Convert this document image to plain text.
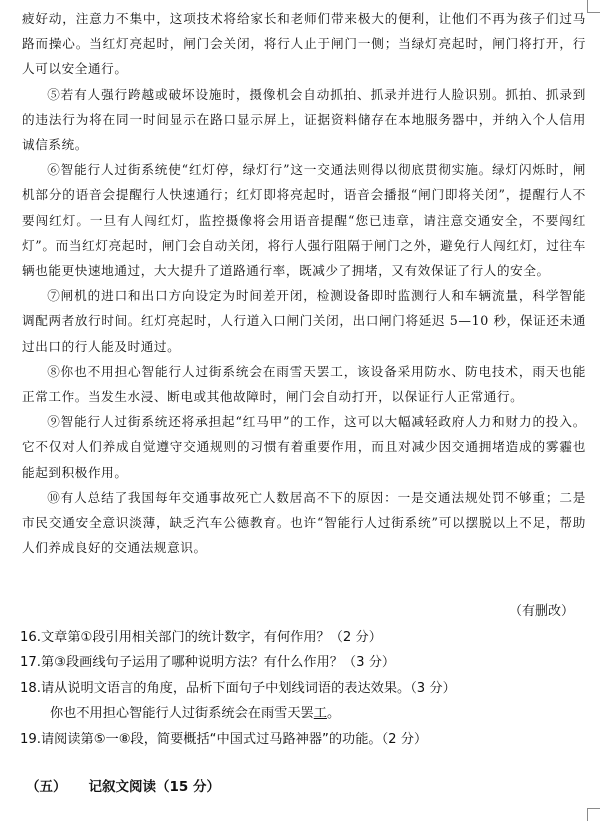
疲好动，注意力不集中，这项技术将给家长和老师们带来极大的便利，让他们不再为孩子们过马路而操心。当红灯亮起时，闸门会关闭，将行人止于闸门一侧；当绿灯亮起时，闸门将打开，行人可以安全通行。

⑤若有人强行跨越或破坏设施时，摄像机会自动抓拍、抓录并进行人脸识别。抓拍、抓录到的违法行为将在同一时间显示在路口显示屏上，证据资料储存在本地服务器中，并纳入个人信用诚信系统。

⑥智能行人过街系统使“红灯停，绿灯行”这一交通法则得以彻底贯彻实施。绿灯闪烁时，闸机部分的语音会提醒行人快速通行；红灯即将亮起时，语音会播报“闸门即将关闭”，提醒行人不要闯红灯。一旦有人闯红灯，监控摄像将会用语音提醒“您已违章，请注意交通安全，不要闯红灯”。而当红灯亮起时，闸门会自动关闭，将行人强行阻隔于闸门之外，避免行人闯红灯，过往车辆也能更快速地通过，大大提升了道路通行率，既减少了拥堵，又有效保证了行人的安全。

⑦闸机的进口和出口方向设定为时间差开闭，检测设备即时监测行人和车辆流量，科学智能调配两者放行时间。红灯亮起时，人行道入口闸门关闭，出口闸门将延迟 5—10 秒，保证还未通过出口的行人能及时通过。

⑧你也不用担心智能行人过街系统会在雨雪天罢工，该设备采用防水、防电技术，雨天也能正常工作。当发生水浸、断电或其他故障时，闸门会自动打开，以保证行人正常通行。

⑨智能行人过街系统还将承担起“红马甲”的工作，这可以大幅减轻政府人力和财力的投入。它不仅对人们养成自觉遵守交通规则的习惯有着重要作用，而且对减少因交通拥堵造成的雾霾也能起到积极作用。

⑩有人总结了我国每年交通事故死亡人数居高不下的原因：一是交通法规处罚不够重；二是市民交通安全意识淡薄，缺乏汽车公德教育。也许“智能行人过街系统”可以摆脱以上不足，帮助人们养成良好的交通法规意识。

（有删改）

16.文章第①段引用相关部门的统计数字，有何作用？（2 分）

17.第③段画线句子运用了哪种说明方法？有什么作用？（3 分）

18.请从说明文语言的角度，品析下面句子中划线词语的表达效果。（3 分）

你也不用担心智能行人过街系统会在雨雪天罢工。

19.请阅读第⑤一⑧段，简要概括“中国式过马路神器”的功能。（2 分）

（五） 记叙文阅读（15 分）
